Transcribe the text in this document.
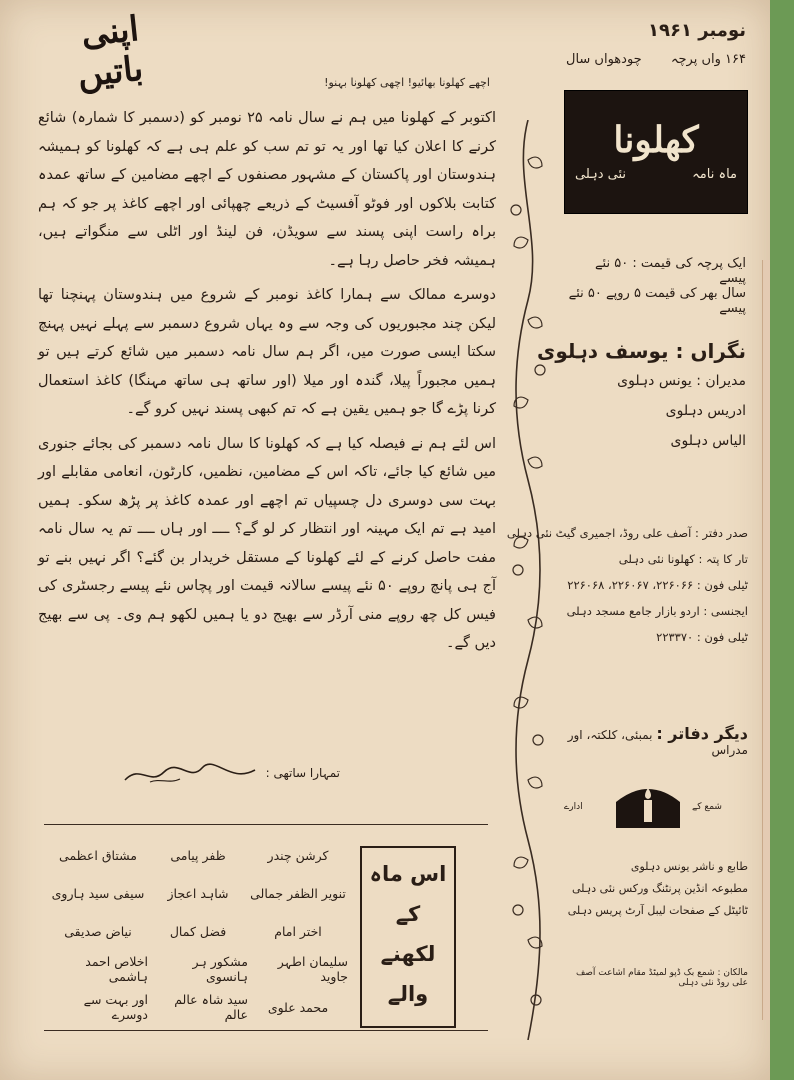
اپنی باتیں	اچھے کھلونا بھائیو! اچھی کھلونا بہنو!

اکتوبر کے کھلونا میں ہم نے سال نامہ ۲۵ نومبر کو (دسمبر کا شمارہ) شائع کرنے کا اعلان کیا تھا اور یہ تو تم سب کو علم ہی ہے کہ کھلونا کو ہمیشہ ہندوستان اور پاکستان کے مشہور مصنفوں کے اچھے مضامین کے ساتھ عمدہ کتابت بلاکوں اور فوٹو آفسیٹ کے ذریعے چھپائی اور اچھے کاغذ پر جو کہ ہم براہ راست اپنی پسند سے سویڈن، فن لینڈ اور اٹلی سے منگواتے ہیں، ہمیشہ فخر حاصل رہا ہے۔

دوسرے ممالک سے ہمارا کاغذ نومبر کے شروع میں ہندوستان پہنچنا تھا لیکن چند مجبوریوں کی وجہ سے وہ یہاں شروع دسمبر سے پہلے نہیں پہنچ سکتا ایسی صورت میں، اگر ہم سال نامہ دسمبر میں شائع کرتے ہیں تو ہمیں مجبوراً پیلا، گندہ اور میلا (اور ساتھ ہی ساتھ مہنگا) کاغذ استعمال کرنا پڑے گا جو ہمیں یقین ہے کہ تم کبھی پسند نہیں کرو گے۔

اس لئے ہم نے فیصلہ کیا ہے کہ کھلونا کا سال نامہ دسمبر کی بجائے جنوری میں شائع کیا جائے، تاکہ اس کے مضامین، نظمیں، کارٹون، انعامی مقابلے اور بہت سی دوسری دل چسپیاں تم اچھے اور عمدہ کاغذ پر پڑھ سکو۔ ہمیں امید ہے تم ایک مہینہ اور انتظار کر لو گے؟ ــــ اور ہاں ــــ تم یہ سال نامہ مفت حاصل کرنے کے لئے کھلونا کے مستقل خریدار بن گئے؟ اگر نہیں بنے تو آج ہی پانچ روپے ۵۰ نئے پیسے سالانہ قیمت اور پچاس نئے پیسے رجسٹری کی فیس کل چھ روپے منی آرڈر سے بھیج دو یا ہمیں لکھو ہم وی۔ پی سے بھیج دیں گے۔

تمہارا ساتھی :
اس ماہ
کے
لکھنے
والے
کرشن چندر
ظفر پیامی
مشتاق اعظمی
تنویر الظفر جمالی
شاہد اعجاز
سیفی سید ہاروی
اختر امام
فضل کمال
نیاض صدیقی
سلیمان اطہر جاوید
مشکور ہر ہانسوی
اخلاص احمد ہاشمی
محمد علوی
سید شاہ عالم عالم
اور بہت سے دوسرے
نومبر ۱۹۶۱
۱۶۴ واں پرچہ
چودھواں سال
کھلونا
ماہ نامہ
نئی دہلی
ایک پرچہ کی قیمت : ۵۰ نئے پیسے
سال بھر کی قیمت ۵ روپے ۵۰ نئے پیسے
نگراں : یوسف دہلوی
مدیران : یونس دہلوی
ادریس دہلوی
الیاس دہلوی
صدر دفتر : آصف علی روڈ، اجمیری گیٹ نئی دہلی
تار کا پتہ : کھلونا نئی دہلی
ٹیلی فون : ۲۲۶۰۶۶، ۲۲۶۰۶۷، ۲۲۶۰۶۸
ایجنسی : اردو بازار جامع مسجد دہلی
ٹیلی فون : ۲۲۳۳۷۰
دیگر دفاتر : بمبئی، کلکتہ، اور مدراس
شمع کے
ادارے
طابع و ناشر یونس دہلوی
مطبوعہ انڈین پرنٹنگ ورکس نئی دہلی
ٹائیٹل کے صفحات لیبل آرٹ پریس دہلی
مالکان : شمع بک ڈپو لمیٹڈ مقام اشاعت آصف علی روڈ نئی دہلی
